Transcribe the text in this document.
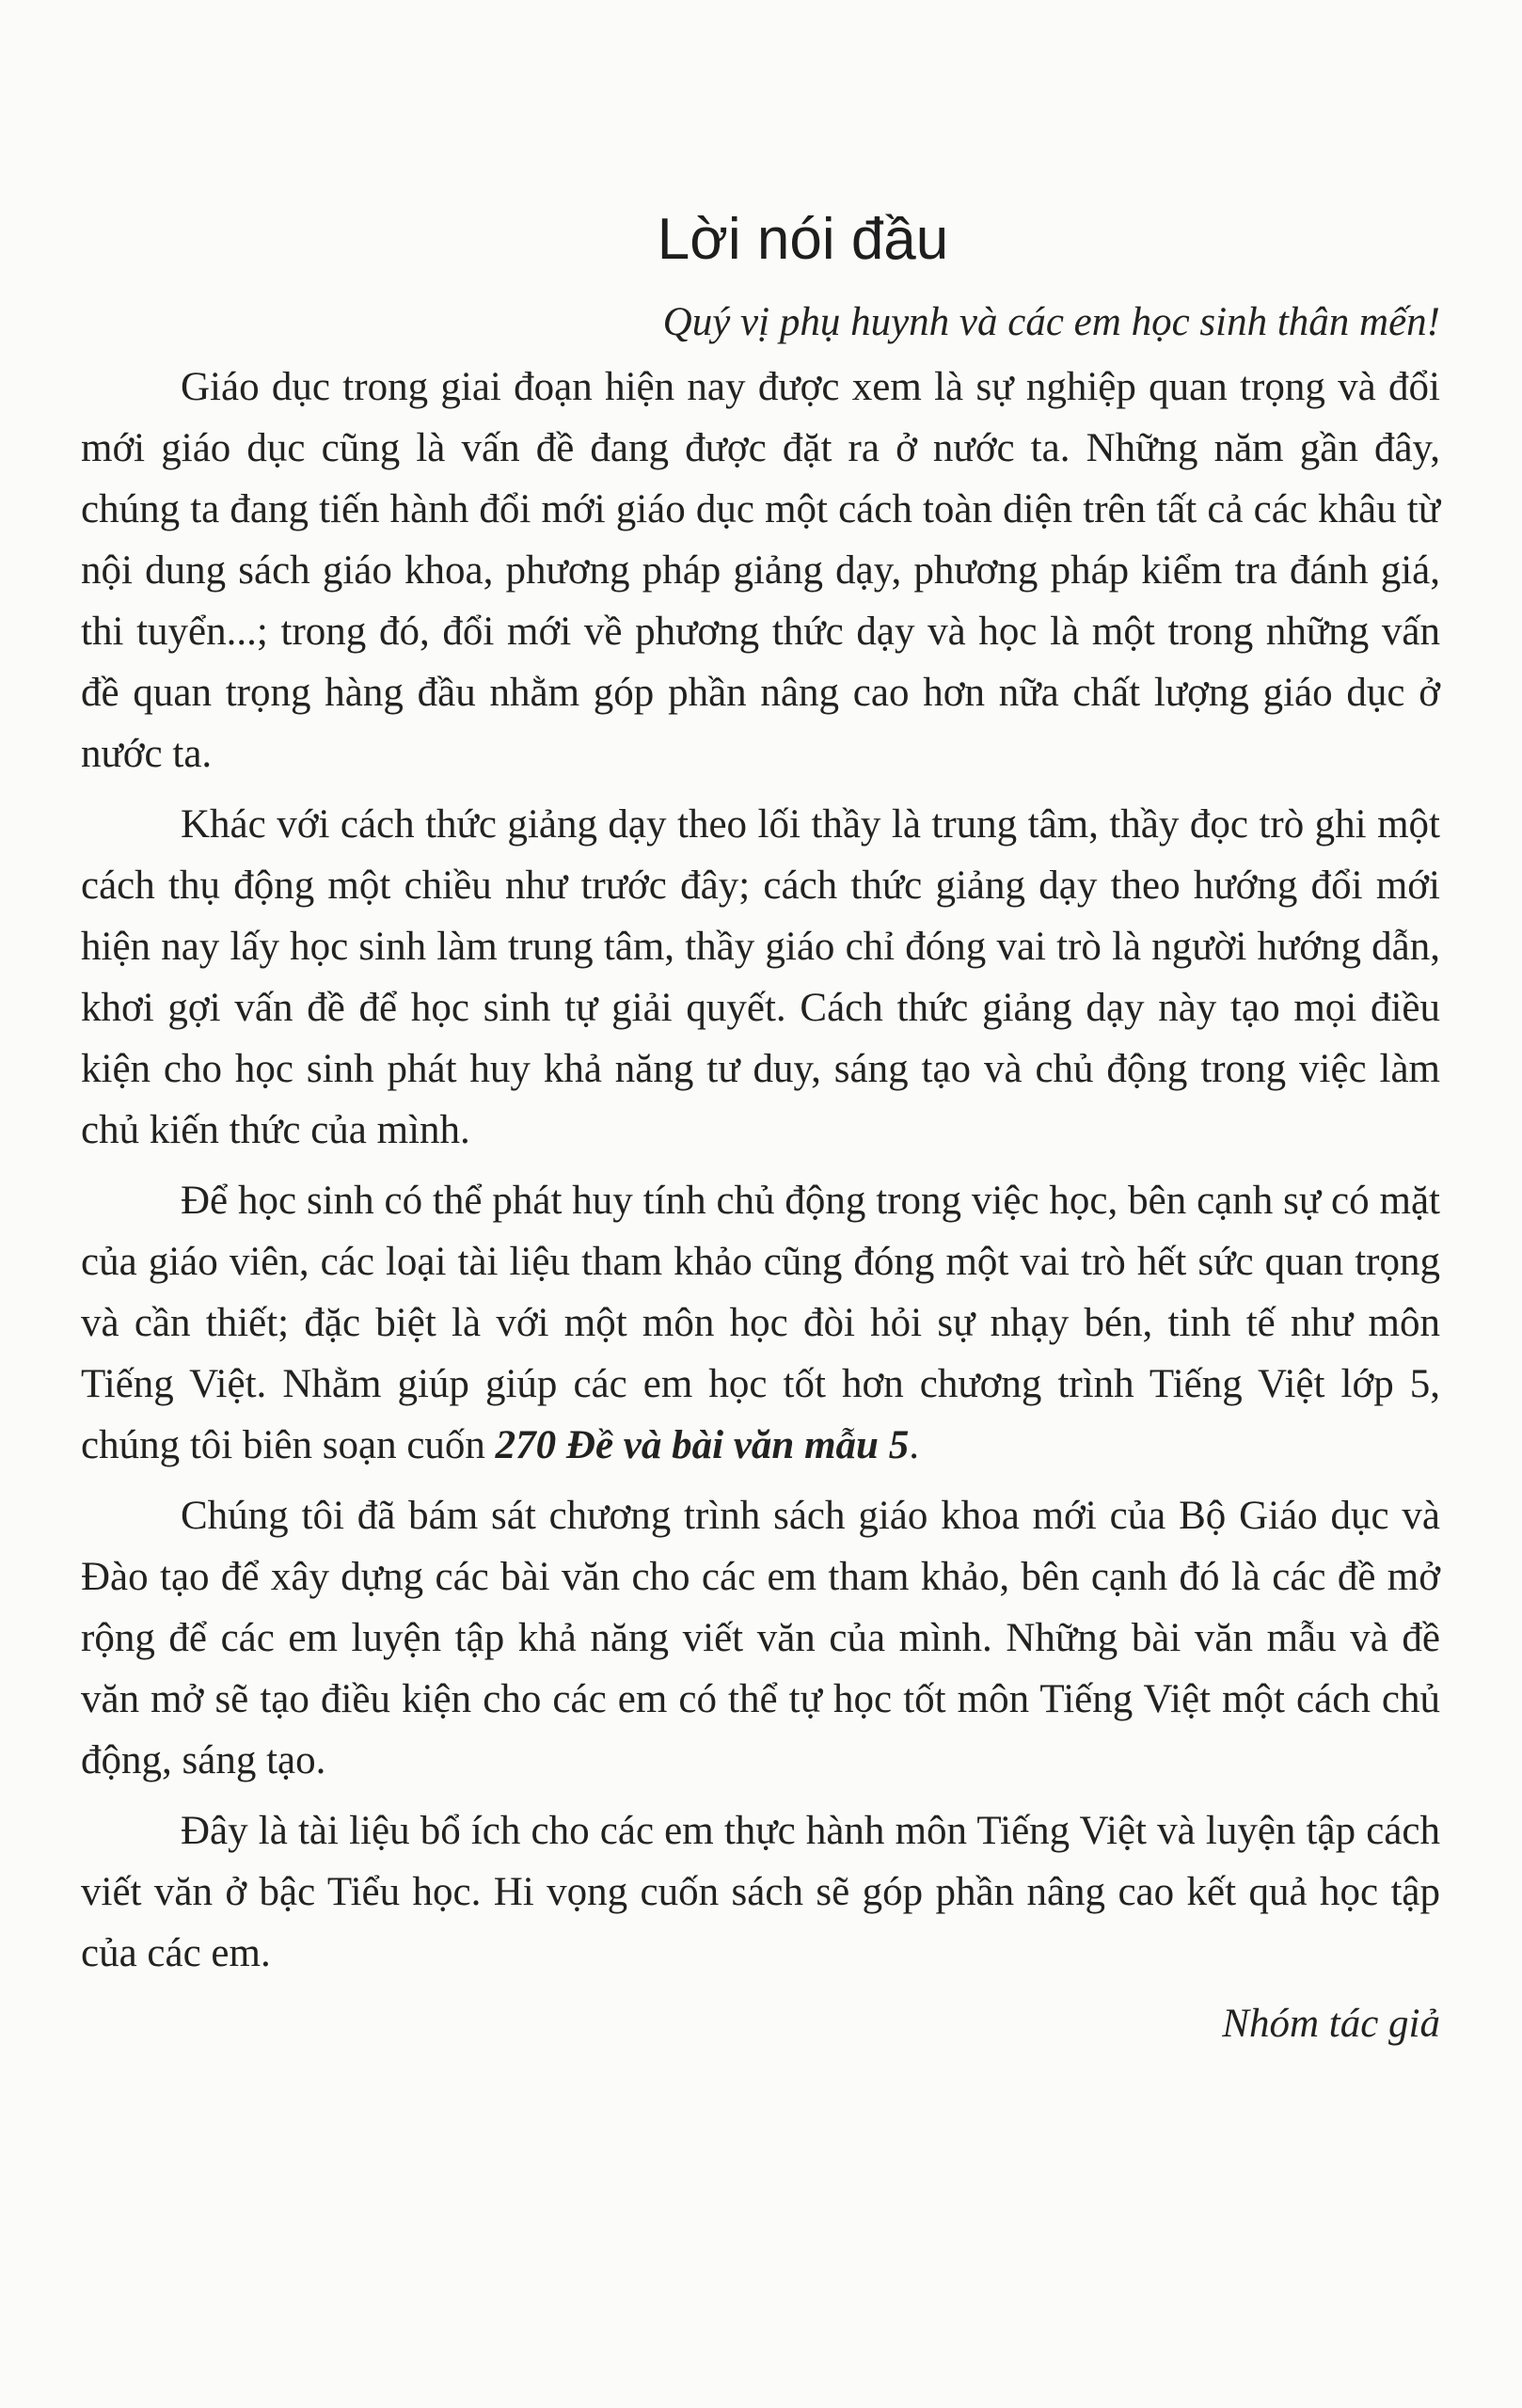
Lời nói đầu

Quý vị phụ huynh và các em học sinh thân mến!

Giáo dục trong giai đoạn hiện nay được xem là sự nghiệp quan trọng và đổi mới giáo dục cũng là vấn đề đang được đặt ra ở nước ta. Những năm gần đây, chúng ta đang tiến hành đổi mới giáo dục một cách toàn diện trên tất cả các khâu từ nội dung sách giáo khoa, phương pháp giảng dạy, phương pháp kiểm tra đánh giá, thi tuyển...; trong đó, đổi mới về phương thức dạy và học là một trong những vấn đề quan trọng hàng đầu nhằm góp phần nâng cao hơn nữa chất lượng giáo dục ở nước ta.

Khác với cách thức giảng dạy theo lối thầy là trung tâm, thầy đọc trò ghi một cách thụ động một chiều như trước đây; cách thức giảng dạy theo hướng đổi mới hiện nay lấy học sinh làm trung tâm, thầy giáo chỉ đóng vai trò là người hướng dẫn, khơi gợi vấn đề để học sinh tự giải quyết. Cách thức giảng dạy này tạo mọi điều kiện cho học sinh phát huy khả năng tư duy, sáng tạo và chủ động trong việc làm chủ kiến thức của mình.

Để học sinh có thể phát huy tính chủ động trong việc học, bên cạnh sự có mặt của giáo viên, các loại tài liệu tham khảo cũng đóng một vai trò hết sức quan trọng và cần thiết; đặc biệt là với một môn học đòi hỏi sự nhạy bén, tinh tế như môn Tiếng Việt. Nhằm giúp giúp các em học tốt hơn chương trình Tiếng Việt lớp 5, chúng tôi biên soạn cuốn 270 Đề và bài văn mẫu 5.

Chúng tôi đã bám sát chương trình sách giáo khoa mới của Bộ Giáo dục và Đào tạo để xây dựng các bài văn cho các em tham khảo, bên cạnh đó là các đề mở rộng để các em luyện tập khả năng viết văn của mình. Những bài văn mẫu và đề văn mở sẽ tạo điều kiện cho các em có thể tự học tốt môn Tiếng Việt một cách chủ động, sáng tạo.

Đây là tài liệu bổ ích cho các em thực hành môn Tiếng Việt và luyện tập cách viết văn ở bậc Tiểu học. Hi vọng cuốn sách sẽ góp phần nâng cao kết quả học tập của các em.

Nhóm tác giả
